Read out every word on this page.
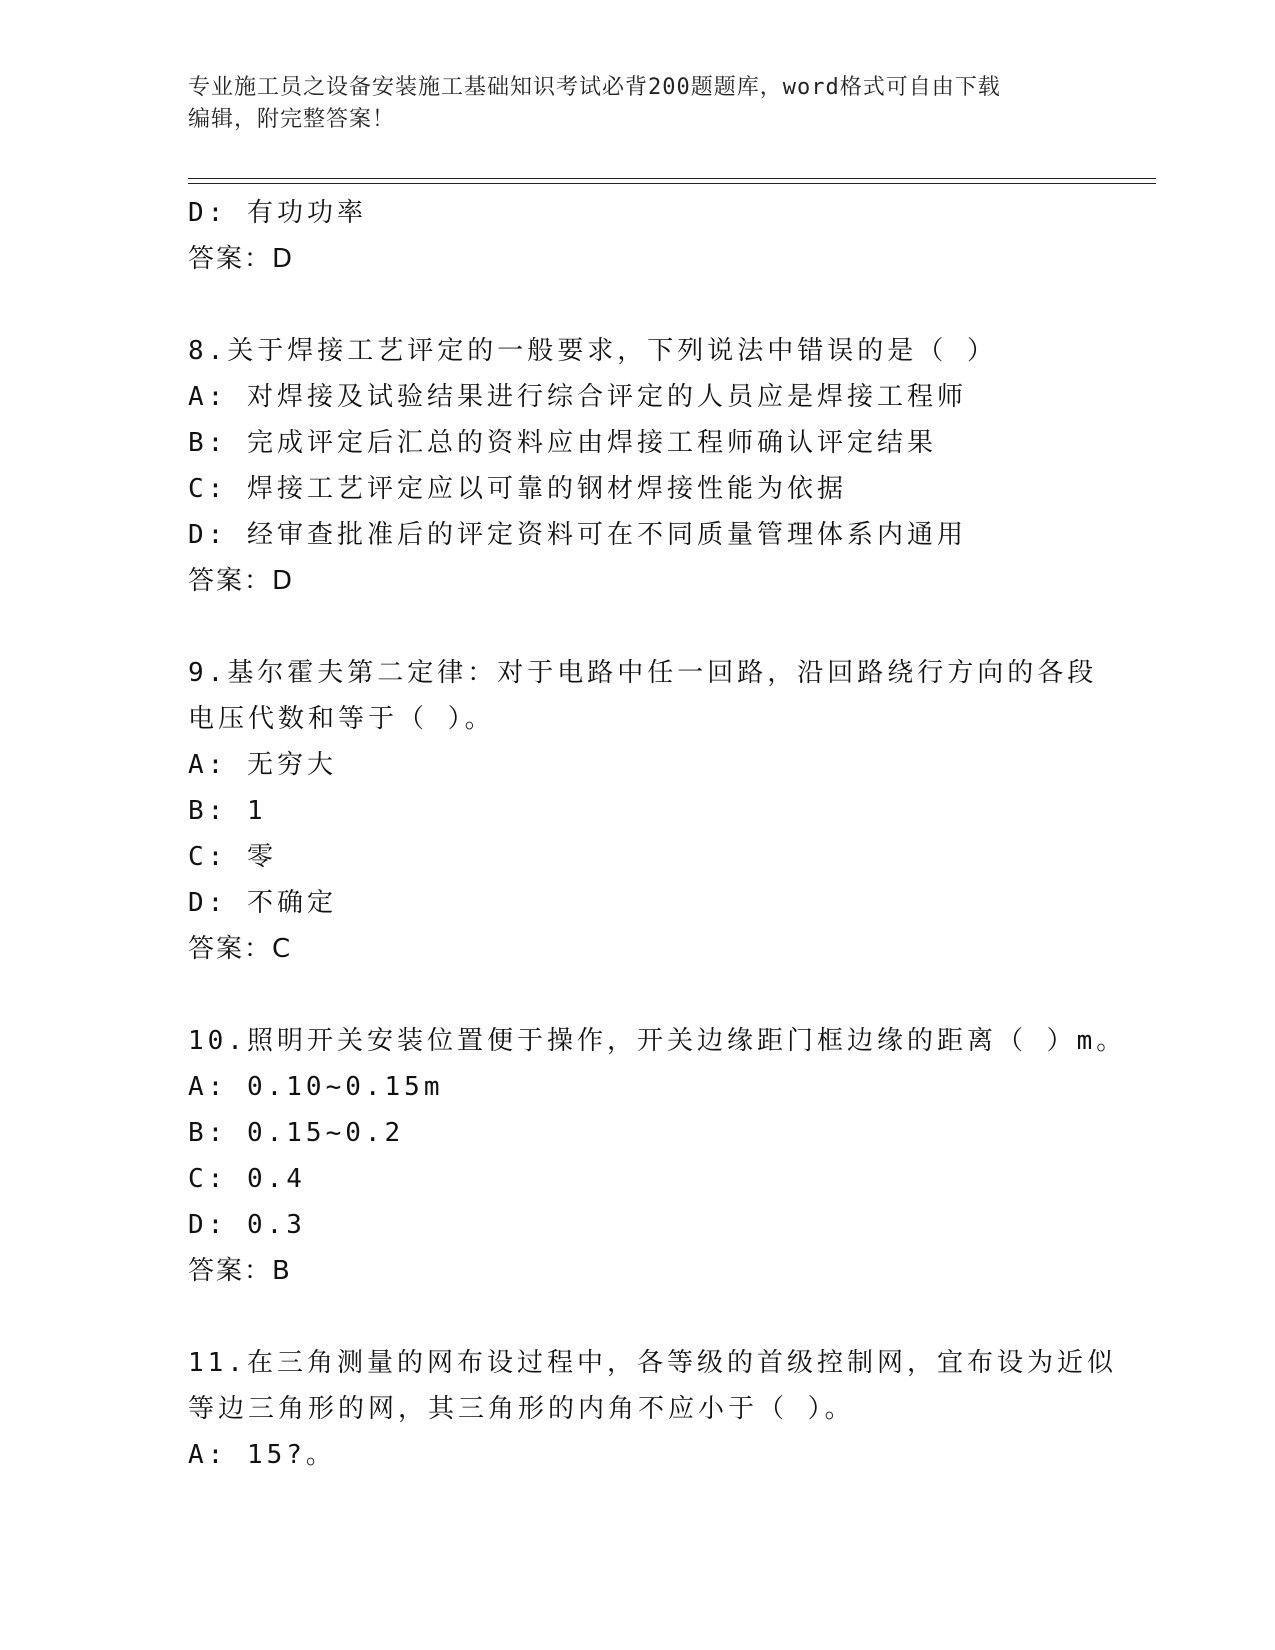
专业施工员之设备安装施工基础知识考试必背200题题库，word格式可自由下载
编辑，附完整答案！
D: 有功功率
答案：D
8.关于焊接工艺评定的一般要求，下列说法中错误的是（ ）
A: 对焊接及试验结果进行综合评定的人员应是焊接工程师
B: 完成评定后汇总的资料应由焊接工程师确认评定结果
C: 焊接工艺评定应以可靠的钢材焊接性能为依据
D: 经审查批准后的评定资料可在不同质量管理体系内通用
答案：D
9.基尔霍夫第二定律：对于电路中任一回路，沿回路绕行方向的各段
电压代数和等于（ ）。
A: 无穷大
B: 1
C: 零
D: 不确定
答案：C
10.照明开关安装位置便于操作，开关边缘距门框边缘的距离（ ）m。
A: 0.10~0.15m
B: 0.15~0.2
C: 0.4
D: 0.3
答案：B
11.在三角测量的网布设过程中，各等级的首级控制网，宜布设为近似
等边三角形的网，其三角形的内角不应小于（ ）。
A: 15?。
